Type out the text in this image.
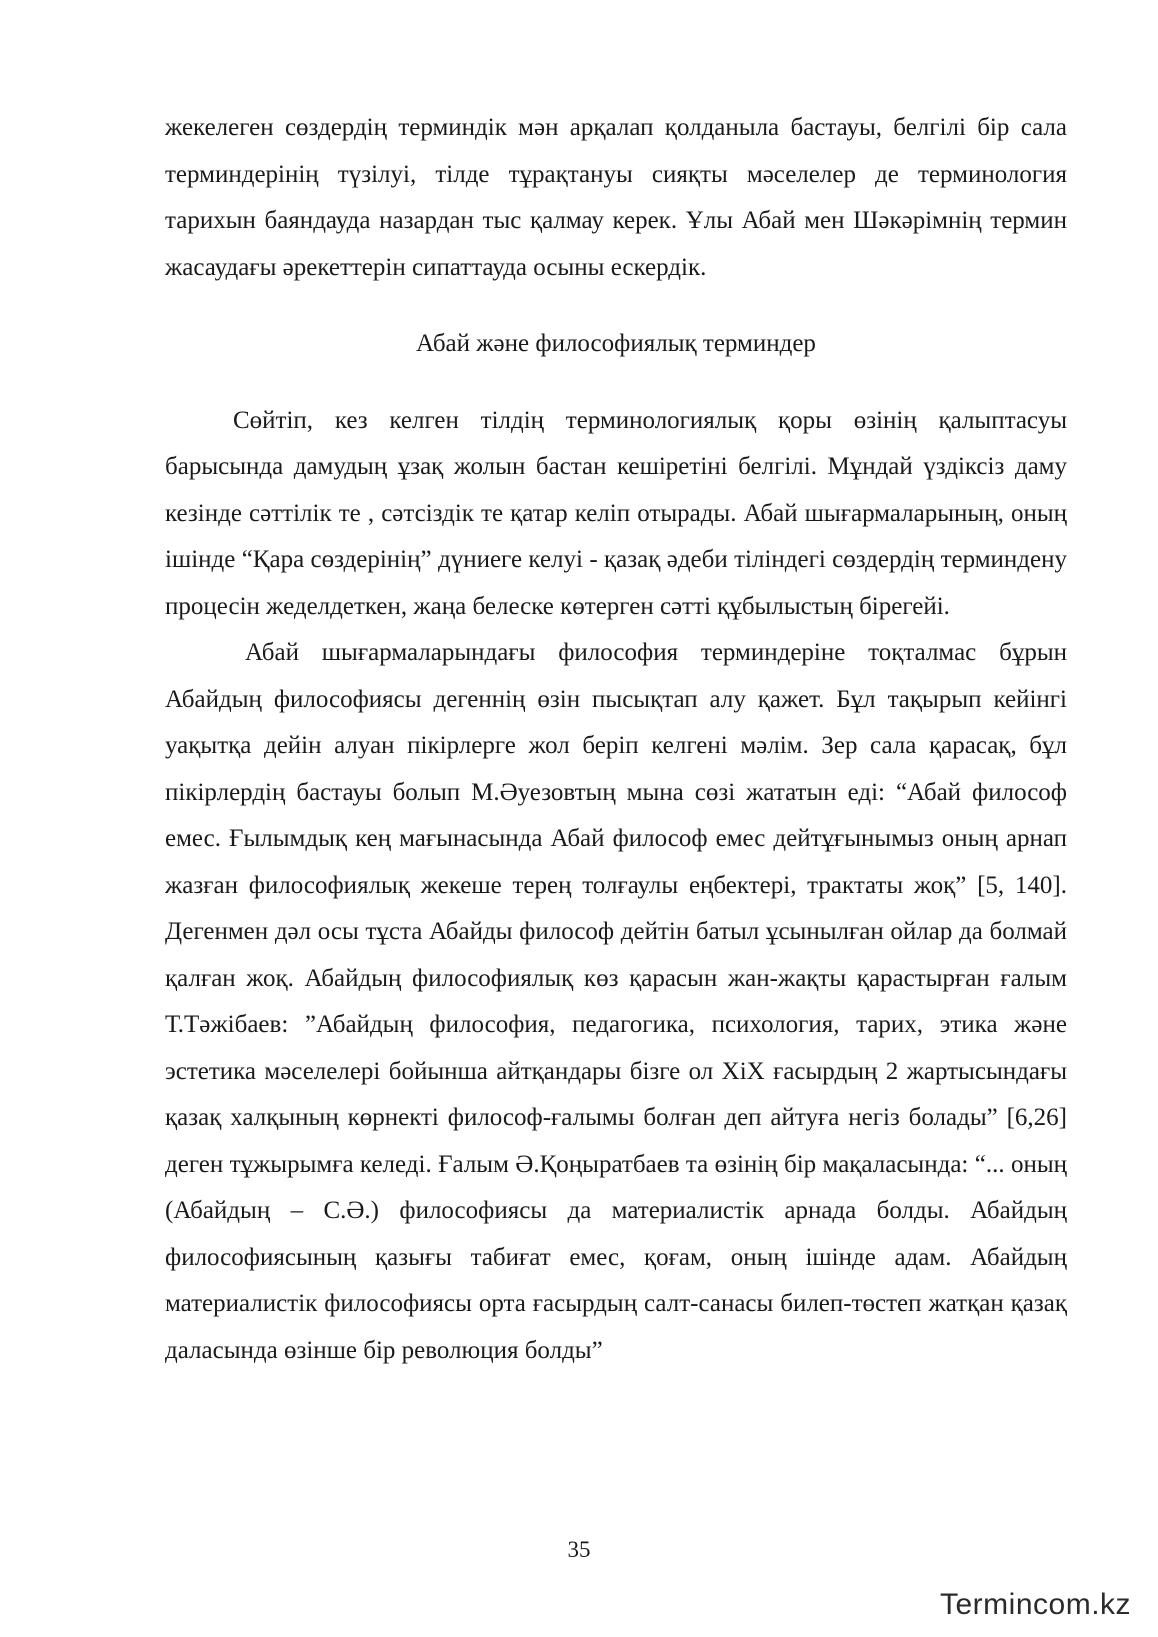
жекелеген сөздердің терминдік мән арқалап қолданыла бастауы, белгілі бір сала терминдерінің түзілуі, тілде тұрақтануы сияқты мәселелер де терминология тарихын баяндауда назардан тыс қалмау керек. Ұлы Абай мен Шәкәрімнің термин жасаудағы әрекеттерін сипаттауда осыны ескердік.

Абай және философиялық терминдер

Сөйтіп, кез келген тілдің терминологиялық қоры өзінің қалыптасуы барысында дамудың ұзақ жолын бастан кешіретіні белгілі. Мұндай үздіксіз даму кезінде сәттілік те , сәтсіздік те қатар келіп отырады. Абай шығармаларының, оның ішінде “Қара сөздерінің” дүниеге келуі - қазақ әдеби тіліндегі сөздердің терминдену процесін жеделдеткен, жаңа белеске көтерген сәтті құбылыстың бірегейі.

Абай шығармаларындағы философия терминдеріне тоқталмас бұрын Абайдың философиясы дегеннің өзін пысықтап алу қажет. Бұл тақырып кейінгі уақытқа дейін алуан пікірлерге жол беріп келгені мәлім. Зер сала қарасақ, бұл пікірлердің бастауы болып М.Әуезовтың мына сөзі жататын еді: “Абай философ емес. Ғылымдық кең мағынасында Абай философ емес дейтұғынымыз оның арнап жазған философиялық жекеше терең толғаулы еңбектері, трактаты жоқ” [5, 140]. Дегенмен дәл осы тұста Абайды философ дейтін батыл ұсынылған ойлар да болмай қалған жоқ. Абайдың философиялық көз қарасын жан-жақты қарастырған ғалым Т.Тәжібаев: ”Абайдың философия, педагогика, психология, тарих, этика және эстетика мәселелері бойынша айтқандары бізге ол ХіХ ғасырдың 2 жартысындағы қазақ халқының көрнекті философ-ғалымы болған деп айтуға негіз болады” [6,26] деген тұжырымға келеді. Ғалым Ә.Қоңыратбаев та өзінің бір мақаласында: “... оның (Абайдың – С.Ә.) философиясы да материалистік арнада болды. Абайдың философиясының қазығы табиғат емес, қоғам, оның ішінде адам. Абайдың материалистік философиясы орта ғасырдың салт-санасы билеп-төстеп жатқан қазақ даласында өзінше бір революция болды”

35
Termincom.kz
